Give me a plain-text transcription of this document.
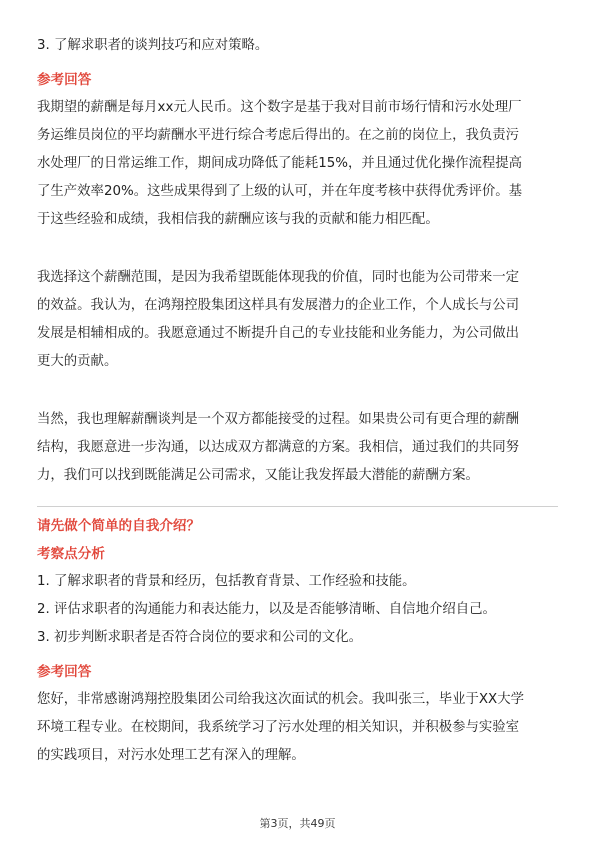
3. 了解求职者的谈判技巧和应对策略。
参考回答
我期望的薪酬是每月xx元人民币。这个数字是基于我对目前市场行情和污水处理厂
务运维员岗位的平均薪酬水平进行综合考虑后得出的。在之前的岗位上，我负责污
水处理厂的日常运维工作，期间成功降低了能耗15%，并且通过优化操作流程提高
了生产效率20%。这些成果得到了上级的认可，并在年度考核中获得优秀评价。基
于这些经验和成绩，我相信我的薪酬应该与我的贡献和能力相匹配。
我选择这个薪酬范围，是因为我希望既能体现我的价值，同时也能为公司带来一定
的效益。我认为，在鸿翔控股集团这样具有发展潜力的企业工作，个人成长与公司
发展是相辅相成的。我愿意通过不断提升自己的专业技能和业务能力，为公司做出
更大的贡献。
当然，我也理解薪酬谈判是一个双方都能接受的过程。如果贵公司有更合理的薪酬
结构，我愿意进一步沟通，以达成双方都满意的方案。我相信，通过我们的共同努
力，我们可以找到既能满足公司需求，又能让我发挥最大潜能的薪酬方案。
请先做个简单的自我介绍？
考察点分析
1. 了解求职者的背景和经历，包括教育背景、工作经验和技能。
2. 评估求职者的沟通能力和表达能力，以及是否能够清晰、自信地介绍自己。
3. 初步判断求职者是否符合岗位的要求和公司的文化。
参考回答
您好，非常感谢鸿翔控股集团公司给我这次面试的机会。我叫张三，毕业于XX大学
环境工程专业。在校期间，我系统学习了污水处理的相关知识，并积极参与实验室
的实践项目，对污水处理工艺有深入的理解。
第3页，共49页
